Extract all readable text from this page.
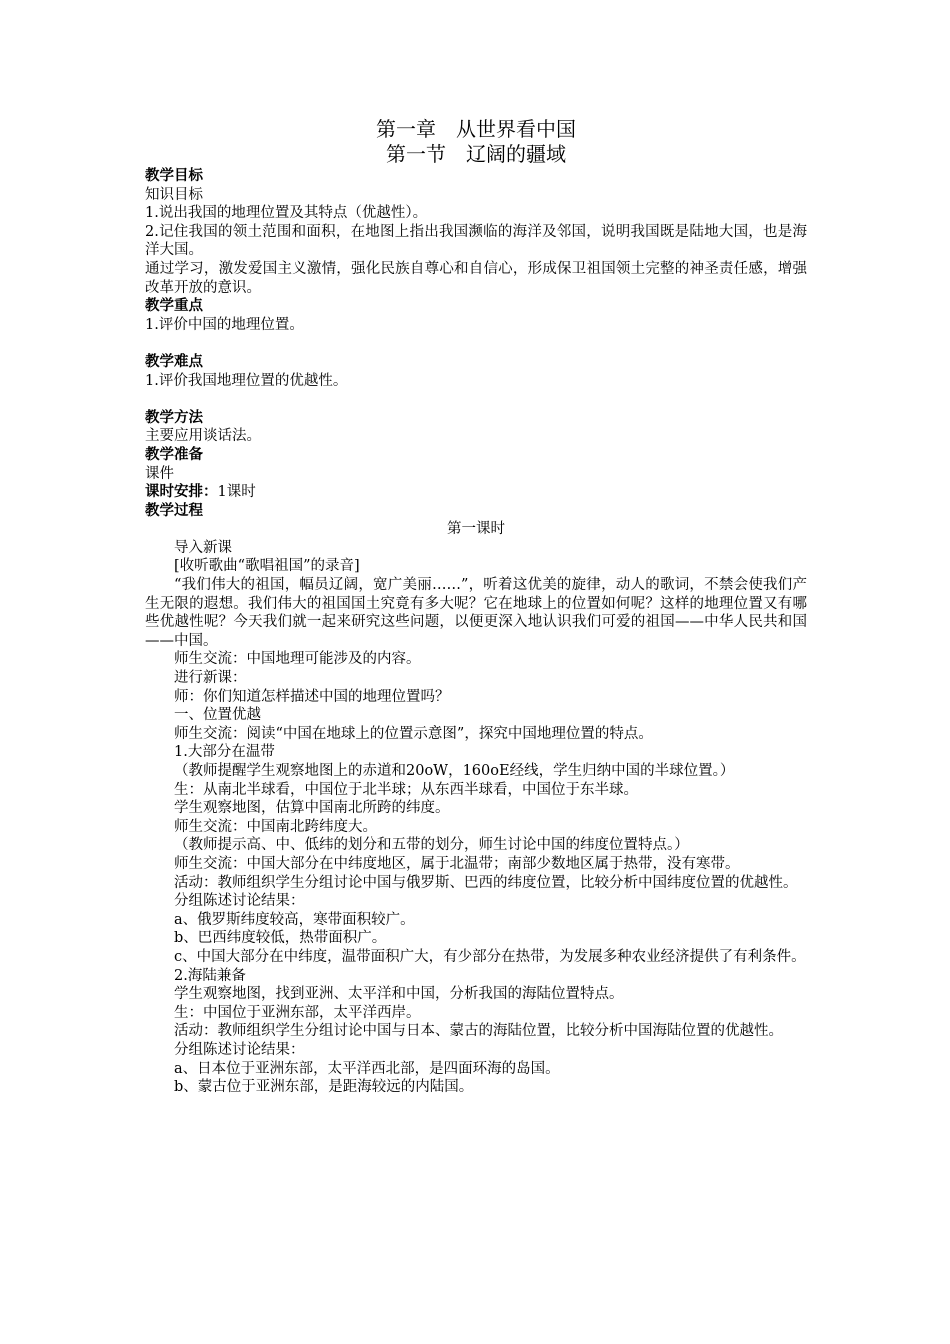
第一章　从世界看中国
第一节　辽阔的疆域
教学目标
知识目标
1.说出我国的地理位置及其特点（优越性）。
2.记住我国的领土范围和面积，在地图上指出我国濒临的海洋及邻国，说明我国既是陆地大国，也是海洋大国。
通过学习，激发爱国主义激情，强化民族自尊心和自信心，形成保卫祖国领土完整的神圣责任感，增强改革开放的意识。
教学重点
1.评价中国的地理位置。
教学难点
1.评价我国地理位置的优越性。
教学方法
主要应用谈话法。
教学准备
课件
课时安排：1课时
教学过程
第一课时
导入新课
[收听歌曲“歌唱祖国”的录音]
“我们伟大的祖国，幅员辽阔，宽广美丽……”，听着这优美的旋律，动人的歌词，不禁会使我们产生无限的遐想。我们伟大的祖国国土究竟有多大呢？它在地球上的位置如何呢？这样的地理位置又有哪些优越性呢？今天我们就一起来研究这些问题，以便更深入地认识我们可爱的祖国——中华人民共和国——中国。
师生交流：中国地理可能涉及的内容。
进行新课：
师：你们知道怎样描述中国的地理位置吗？
一、位置优越
师生交流：阅读“中国在地球上的位置示意图”，探究中国地理位置的特点。
1.大部分在温带
（教师提醒学生观察地图上的赤道和20oW，160oE经线，学生归纳中国的半球位置。）
生：从南北半球看，中国位于北半球；从东西半球看，中国位于东半球。
学生观察地图，估算中国南北所跨的纬度。
师生交流：中国南北跨纬度大。
（教师提示高、中、低纬的划分和五带的划分，师生讨论中国的纬度位置特点。）
师生交流：中国大部分在中纬度地区，属于北温带；南部少数地区属于热带，没有寒带。
活动：教师组织学生分组讨论中国与俄罗斯、巴西的纬度位置，比较分析中国纬度位置的优越性。
分组陈述讨论结果：
a、俄罗斯纬度较高，寒带面积较广。
b、巴西纬度较低，热带面积广。
c、中国大部分在中纬度，温带面积广大，有少部分在热带，为发展多种农业经济提供了有利条件。
2.海陆兼备
学生观察地图，找到亚洲、太平洋和中国，分析我国的海陆位置特点。
生：中国位于亚洲东部，太平洋西岸。
活动：教师组织学生分组讨论中国与日本、蒙古的海陆位置，比较分析中国海陆位置的优越性。
分组陈述讨论结果：
a、日本位于亚洲东部，太平洋西北部，是四面环海的岛国。
b、蒙古位于亚洲东部，是距海较远的内陆国。
